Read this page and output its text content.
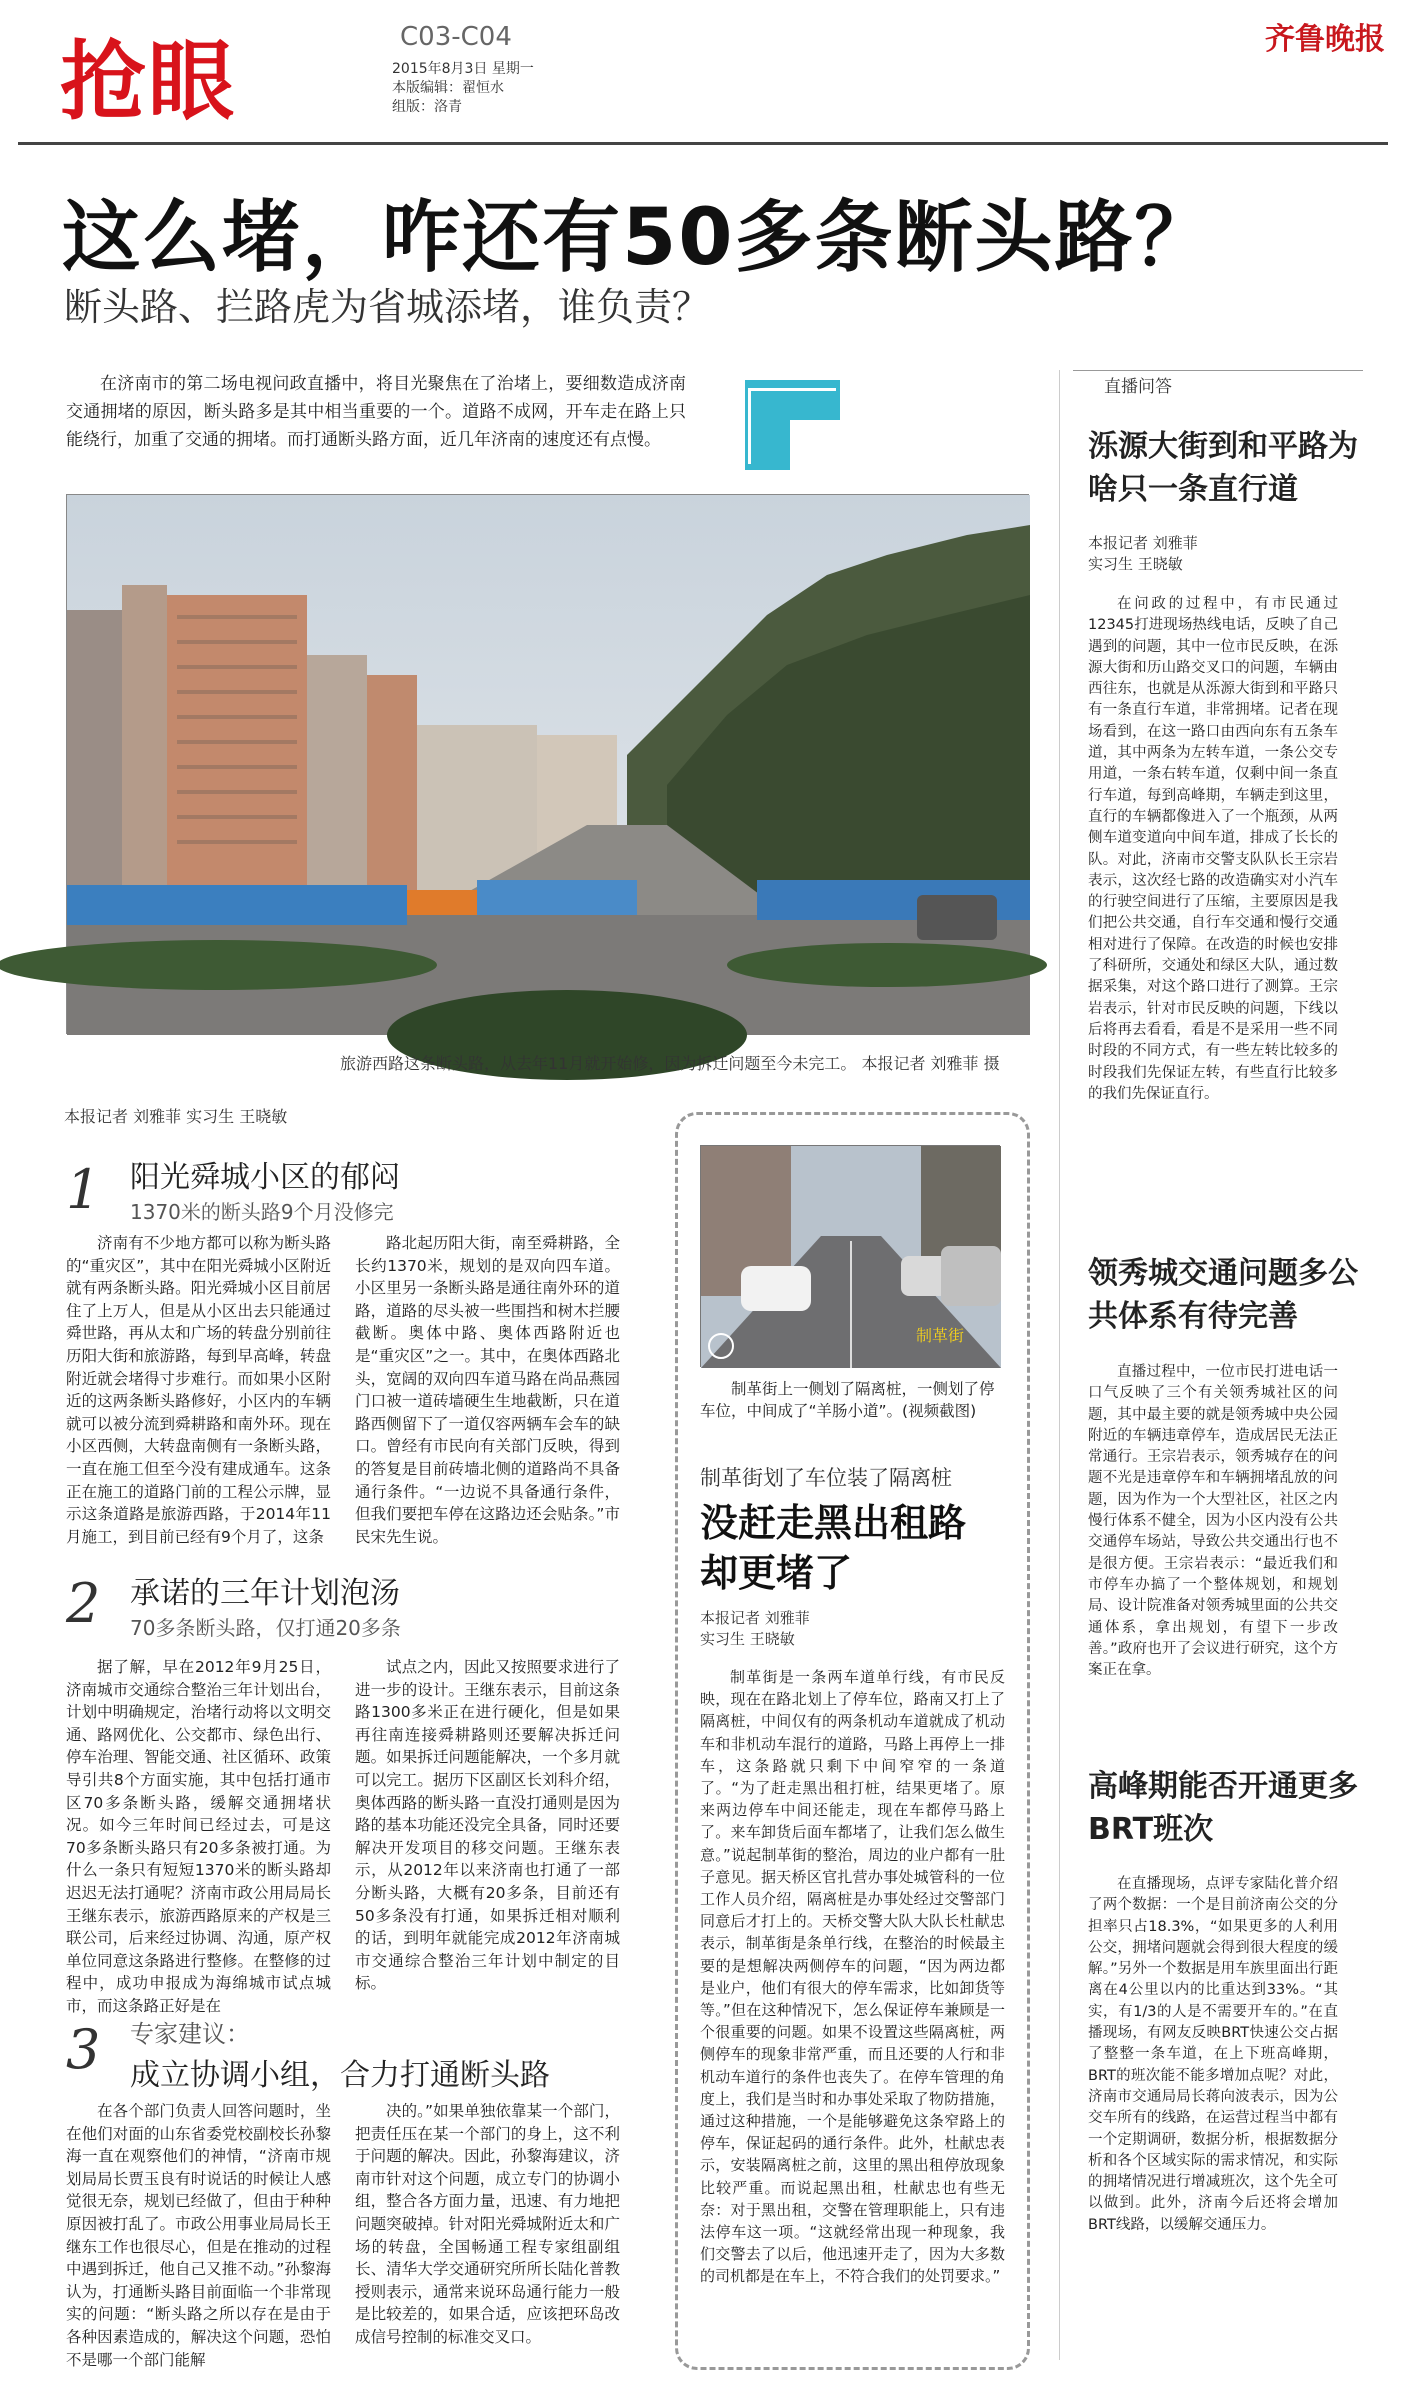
抢眼	C03-C04
2015年8月3日 星期一
本版编辑：翟恒水
组版：洛青
齐鲁晚报
这么堵，咋还有50多条断头路？
断头路、拦路虎为省城添堵，谁负责？

在济南市的第二场电视问政直播中，将目光聚焦在了治堵上，要细数造成济南交通拥堵的原因，断头路多是其中相当重要的一个。道路不成网，开车走在路上只能绕行，加重了交通的拥堵。而打通断头路方面，近几年济南的速度还有点慢。

旅游西路这条断头路，从去年11月就开始修，因为拆迁问题至今未完工。 本报记者 刘雅菲 摄
本报记者 刘雅菲 实习生 王晓敏
1 阳光舜城小区的郁闷
1370米的断头路9个月没修完

济南有不少地方都可以称为断头路的“重灾区”，其中在阳光舜城小区附近就有两条断头路。阳光舜城小区目前居住了上万人，但是从小区出去只能通过舜世路，再从太和广场的转盘分别前往历阳大街和旅游路，每到早高峰，转盘附近就会堵得寸步难行。而如果小区附近的这两条断头路修好，小区内的车辆就可以被分流到舜耕路和南外环。现在小区西侧，大转盘南侧有一条断头路，一直在施工但至今没有建成通车。这条正在施工的道路门前的工程公示牌，显示这条道路是旅游西路，于2014年11月施工，到目前已经有9个月了，这条

路北起历阳大街，南至舜耕路，全长约1370米，规划的是双向四车道。小区里另一条断头路是通往南外环的道路，道路的尽头被一些围挡和树木拦腰截断。奥体中路、奥体西路附近也是“重灾区”之一。其中，在奥体西路北头，宽阔的双向四车道马路在尚品燕园门口被一道砖墙硬生生地截断，只在道路西侧留下了一道仅容两辆车会车的缺口。曾经有市民向有关部门反映，得到的答复是目前砖墙北侧的道路尚不具备通行条件。“一边说不具备通行条件，但我们要把车停在这路边还会贴条。”市民宋先生说。

2 承诺的三年计划泡汤
70多条断头路，仅打通20多条

据了解，早在2012年9月25日，济南城市交通综合整治三年计划出台，计划中明确规定，治堵行动将以文明交通、路网优化、公交都市、绿色出行、停车治理、智能交通、社区循环、政策导引共8个方面实施，其中包括打通市区70多条断头路，缓解交通拥堵状况。如今三年时间已经过去，可是这70多条断头路只有20多条被打通。为什么一条只有短短1370米的断头路却迟迟无法打通呢？济南市政公用局局长王继东表示，旅游西路原来的产权是三联公司，后来经过协调、沟通，原产权单位同意这条路进行整修。在整修的过程中，成功申报成为海绵城市试点城市，而这条路正好是在

试点之内，因此又按照要求进行了进一步的设计。王继东表示，目前这条路1300多米正在进行硬化，但是如果再往南连接舜耕路则还要解决拆迁问题。如果拆迁问题能解决，一个多月就可以完工。据历下区副区长刘科介绍，奥体西路的断头路一直没打通则是因为路的基本功能还没完全具备，同时还要解决开发项目的移交问题。王继东表示，从2012年以来济南也打通了一部分断头路，大概有20多条，目前还有50多条没有打通，如果拆迁相对顺利的话，到明年就能完成2012年济南城市交通综合整治三年计划中制定的目标。

3 专家建议：
成立协调小组，合力打通断头路

在各个部门负责人回答问题时，坐在他们对面的山东省委党校副校长孙黎海一直在观察他们的神情，“济南市规划局局长贾玉良有时说话的时候让人感觉很无奈，规划已经做了，但由于种种原因被打乱了。市政公用事业局局长王继东工作也很尽心，但是在推动的过程中遇到拆迁，他自己又推不动。”孙黎海认为，打通断头路目前面临一个非常现实的问题：“断头路之所以存在是由于各种因素造成的，解决这个问题，恐怕不是哪一个部门能解

决的。”如果单独依靠某一个部门，把责任压在某一个部门的身上，这不利于问题的解决。因此，孙黎海建议，济南市针对这个问题，成立专门的协调小组，整合各方面力量，迅速、有力地把问题突破掉。针对阳光舜城附近太和广场的转盘，全国畅通工程专家组副组长、清华大学交通研究所所长陆化普教授则表示，通常来说环岛通行能力一般是比较差的，如果合适，应该把环岛改成信号控制的标准交叉口。

制革街

制革街上一侧划了隔离桩，一侧划了停车位，中间成了“羊肠小道”。(视频截图)

制革街划了车位装了隔离桩
没赶走黑出租路却更堵了
本报记者 刘雅菲
实习生 王晓敏

制革街是一条两车道单行线，有市民反映，现在在路北划上了停车位，路南又打上了隔离桩，中间仅有的两条机动车道就成了机动车和非机动车混行的道路，马路上再停上一排车，这条路就只剩下中间窄窄的一条道了。“为了赶走黑出租打桩，结果更堵了。原来两边停车中间还能走，现在车都停马路上了。来车卸货后面车都堵了，让我们怎么做生意。”说起制革街的整治，周边的业户都有一肚子意见。据天桥区官扎营办事处城管科的一位工作人员介绍，隔离桩是办事处经过交警部门同意后才打上的。天桥交警大队大队长杜献忠表示，制革街是条单行线，在整治的时候最主要的是想解决两侧停车的问题，“因为两边都是业户，他们有很大的停车需求，比如卸货等等。”但在这种情况下，怎么保证停车兼顾是一个很重要的问题。如果不设置这些隔离桩，两侧停车的现象非常严重，而且还要的人行和非机动车道行的条件也丧失了。在停车管理的角度上，我们是当时和办事处采取了物防措施，通过这种措施，一个是能够避免这条窄路上的停车，保证起码的通行条件。此外，杜献忠表示，安装隔离桩之前，这里的黑出租停放现象比较严重。而说起黑出租，杜献忠也有些无奈：对于黑出租，交警在管理职能上，只有违法停车这一项。“这就经常出现一种现象，我们交警去了以后，他迅速开走了，因为大多数的司机都是在车上，不符合我们的处罚要求。”

直播问答
泺源大街到和平路为啥只一条直行道
本报记者 刘雅菲
实习生 王晓敏

在问政的过程中，有市民通过12345打进现场热线电话，反映了自己遇到的问题，其中一位市民反映，在泺源大街和历山路交叉口的问题，车辆由西往东，也就是从泺源大街到和平路只有一条直行车道，非常拥堵。记者在现场看到，在这一路口由西向东有五条车道，其中两条为左转车道，一条公交专用道，一条右转车道，仅剩中间一条直行车道，每到高峰期，车辆走到这里，直行的车辆都像进入了一个瓶颈，从两侧车道变道向中间车道，排成了长长的队。对此，济南市交警支队队长王宗岩表示，这次经七路的改造确实对小汽车的行驶空间进行了压缩，主要原因是我们把公共交通，自行车交通和慢行交通相对进行了保障。在改造的时候也安排了科研所，交通处和绿区大队，通过数据采集，对这个路口进行了测算。王宗岩表示，针对市民反映的问题，下线以后将再去看看，看是不是采用一些不同时段的不同方式，有一些左转比较多的时段我们先保证左转，有些直行比较多的我们先保证直行。

领秀城交通问题多公共体系有待完善

直播过程中，一位市民打进电话一口气反映了三个有关领秀城社区的问题，其中最主要的就是领秀城中央公园附近的车辆违章停车，造成居民无法正常通行。王宗岩表示，领秀城存在的问题不光是违章停车和车辆拥堵乱放的问题，因为作为一个大型社区，社区之内慢行体系不健全，因为小区内没有公共交通停车场站，导致公共交通出行也不是很方便。王宗岩表示：“最近我们和市停车办搞了一个整体规划，和规划局、设计院准备对领秀城里面的公共交通体系，拿出规划，有望下一步改善。”政府也开了会议进行研究，这个方案正在拿。

高峰期能否开通更多BRT班次

在直播现场，点评专家陆化普介绍了两个数据：一个是目前济南公交的分担率只占18.3%，“如果更多的人利用公交，拥堵问题就会得到很大程度的缓解。”另外一个数据是用车族里面出行距离在4公里以内的比重达到33%。“其实，有1/3的人是不需要开车的。”在直播现场，有网友反映BRT快速公交占据了整整一条车道，在上下班高峰期，BRT的班次能不能多增加点呢？对此，济南市交通局局长蒋向波表示，因为公交车所有的线路，在运营过程当中都有一个定期调研，数据分析，根据数据分析和各个区域实际的需求情况，和实际的拥堵情况进行增减班次，这个先全可以做到。此外，济南今后还将会增加BRT线路，以缓解交通压力。
